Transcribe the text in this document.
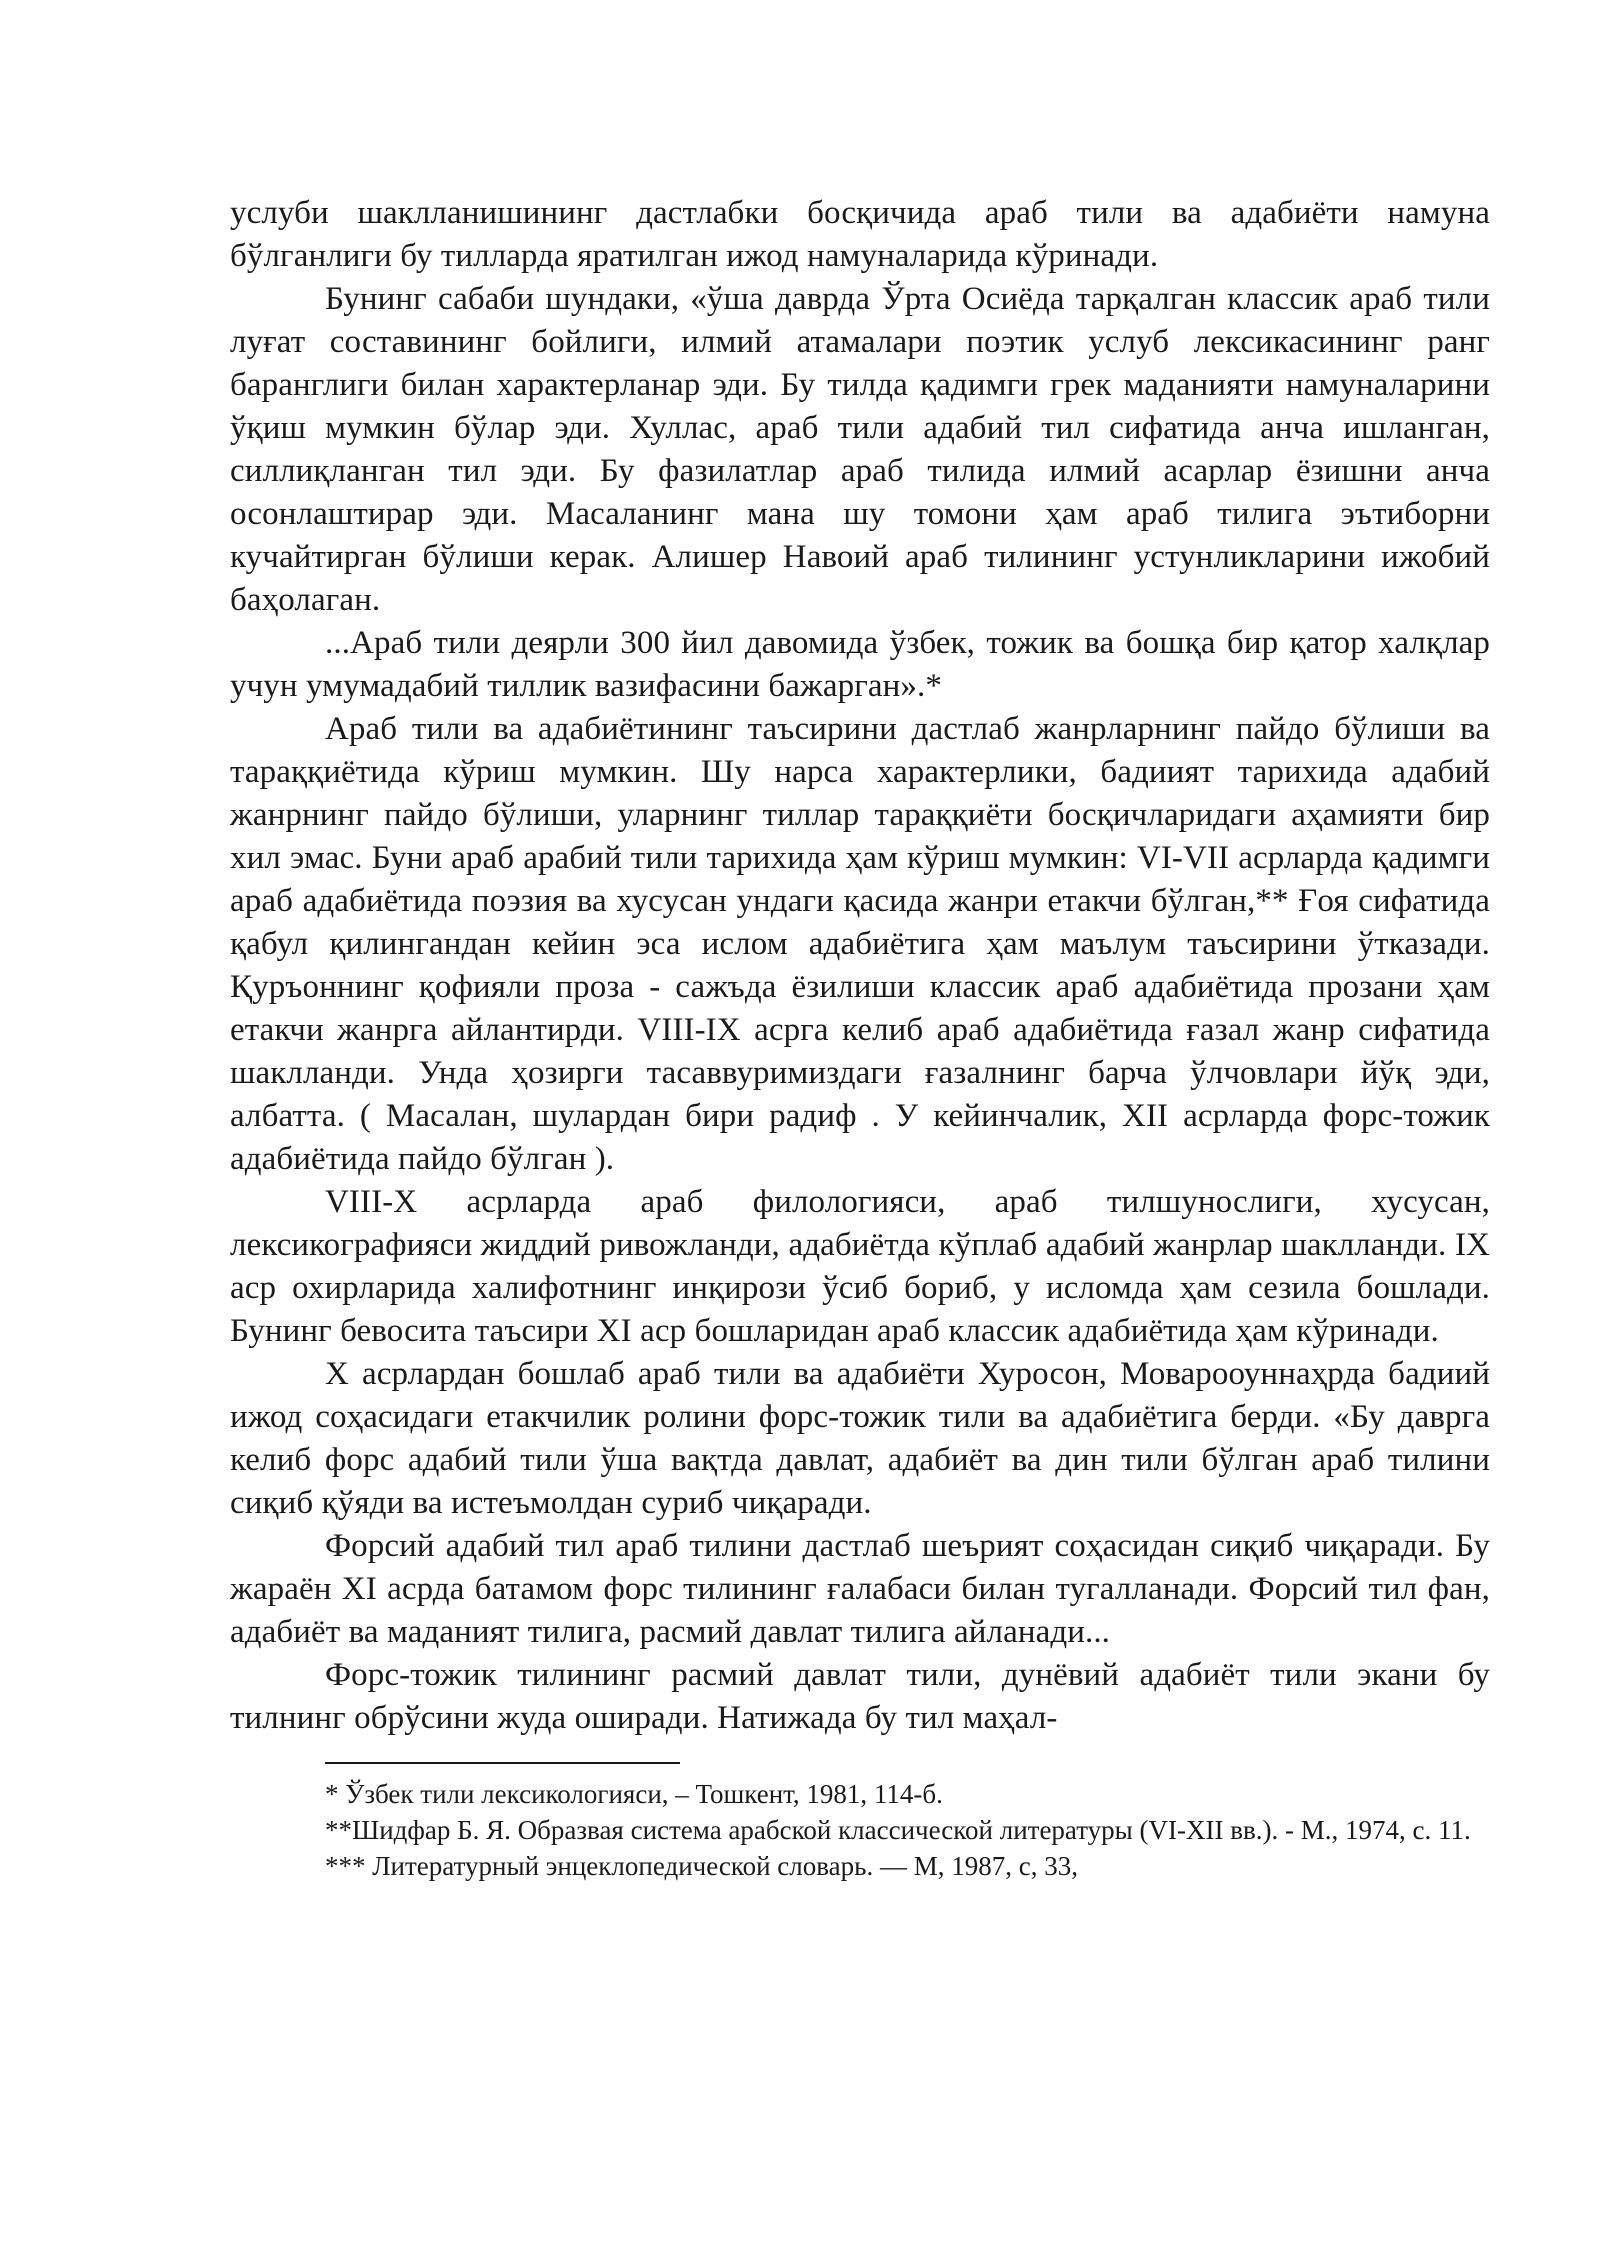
услуби шаклланишининг дастлабки босқичида араб тили ва адабиёти намуна бўлганлиги бу тилларда яратилган ижод намуналарида кўринади.

Бунинг сабаби шундаки, «ўша даврда Ўрта Осиёда тарқалган классик араб тили луғат составининг бойлиги, илмий атамалари поэтик услуб лексикасининг ранг баранглиги билан характерланар эди. Бу тилда қадимги грек маданияти намуналарини ўқиш мумкин бўлар эди. Хуллас, араб тили адабий тил сифатида анча ишланган, силлиқланган тил эди. Бу фазилатлар араб тилида илмий асарлар ёзишни анча осонлаштирар эди. Масаланинг мана шу томони ҳам араб тилига эътиборни кучайтирган бўлиши керак. Алишер Навоий араб тилининг устунликларини ижобий баҳолаган.

...Араб тили деярли 300 йил давомида ўзбек, тожик ва бошқа бир қатор халқлар учун умумадабий тиллик вазифасини бажарган».*

Араб тили ва адабиётининг таъсирини дастлаб жанрларнинг пайдо бўлиши ва тараққиётида кўриш мумкин. Шу нарса характерлики, бадиият тарихида адабий жанрнинг пайдо бўлиши, уларнинг тиллар тараққиёти босқичларидаги аҳамияти бир хил эмас. Буни араб арабий тили тарихида ҳам кўриш мумкин: VI-VII асрларда қадимги араб адабиётида поэзия ва хусусан ундаги қасида жанри етакчи бўлган,** Ғоя сифатида қабул қилингандан кейин эса ислом адабиётига ҳам маълум таъсирини ўтказади. Қуръоннинг қофияли проза - сажъда ёзилиши классик араб адабиётида прозани ҳам етакчи жанрга айлантирди. VIII-IX асрга келиб араб адабиётида ғазал жанр сифатида шаклланди. Унда ҳозирги тасаввуримиздаги ғазалнинг барча ўлчовлари йўқ эди, албатта. ( Масалан, шулардан бири радиф . У кейинчалик, XII асрларда форс-тожик адабиётида пайдо бўлган ).

VIII-X асрларда араб филологияси, араб тилшунослиги, хусусан, лексикографияси жиддий ривожланди, адабиётда кўплаб адабий жанрлар шаклланди. IX аср охирларида халифотнинг инқирози ўсиб бориб, у исломда ҳам сезила бошлади. Бунинг бевосита таъсири XI аср бошларидан араб классик адабиётида ҳам кўринади.

X асрлардан бошлаб араб тили ва адабиёти Хуросон, Моварооуннаҳрда бадиий ижод соҳасидаги етакчилик ролини форс-тожик тили ва адабиётига берди. «Бу даврга келиб форс адабий тили ўша вақтда давлат, адабиёт ва дин тили бўлган араб тилини сиқиб қўяди ва истеъмолдан суриб чиқаради.

Форсий адабий тил араб тилини дастлаб шеърият соҳасидан сиқиб чиқаради. Бу жараён XI асрда батамом форс тилининг ғалабаси билан тугалланади. Форсий тил фан, адабиёт ва маданият тилига, расмий давлат тилига айланади...

Форс-тожик тилининг расмий давлат тили, дунёвий адабиёт тили экани бу тилнинг обрўсини жуда оширади. Натижада бу тил маҳал-

* Ўзбек тили лексикологияси, – Тошкент, 1981, 114-б.

**Шидфар Б. Я. Образвая система арабской классической литературы (VI-XII вв.). - М., 1974, с. 11.

*** Литературный энцеклопедической словарь. — М, 1987, с, 33,
